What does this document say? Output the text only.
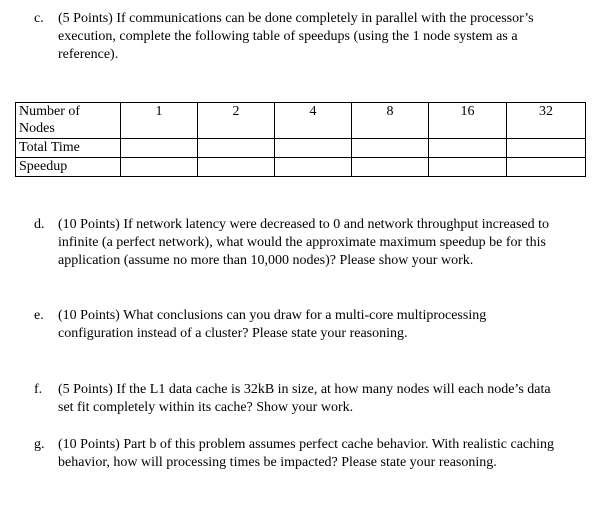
c. (5 Points) If communications can be done completely in parallel with the processor’s execution, complete the following table of speedups (using the 1 node system as a reference).
Number of Nodes	1	2	4	8	16	32
Total Time						
Speedup						
d. (10 Points) If network latency were decreased to 0 and network throughput increased to infinite (a perfect network), what would the approximate maximum speedup be for this application (assume no more than 10,000 nodes)? Please show your work.
e. (10 Points) What conclusions can you draw for a multi-core multiprocessing configuration instead of a cluster? Please state your reasoning.
f. (5 Points) If the L1 data cache is 32kB in size, at how many nodes will each node’s data set fit completely within its cache? Show your work.
g. (10 Points) Part b of this problem assumes perfect cache behavior. With realistic caching behavior, how will processing times be impacted? Please state your reasoning.
